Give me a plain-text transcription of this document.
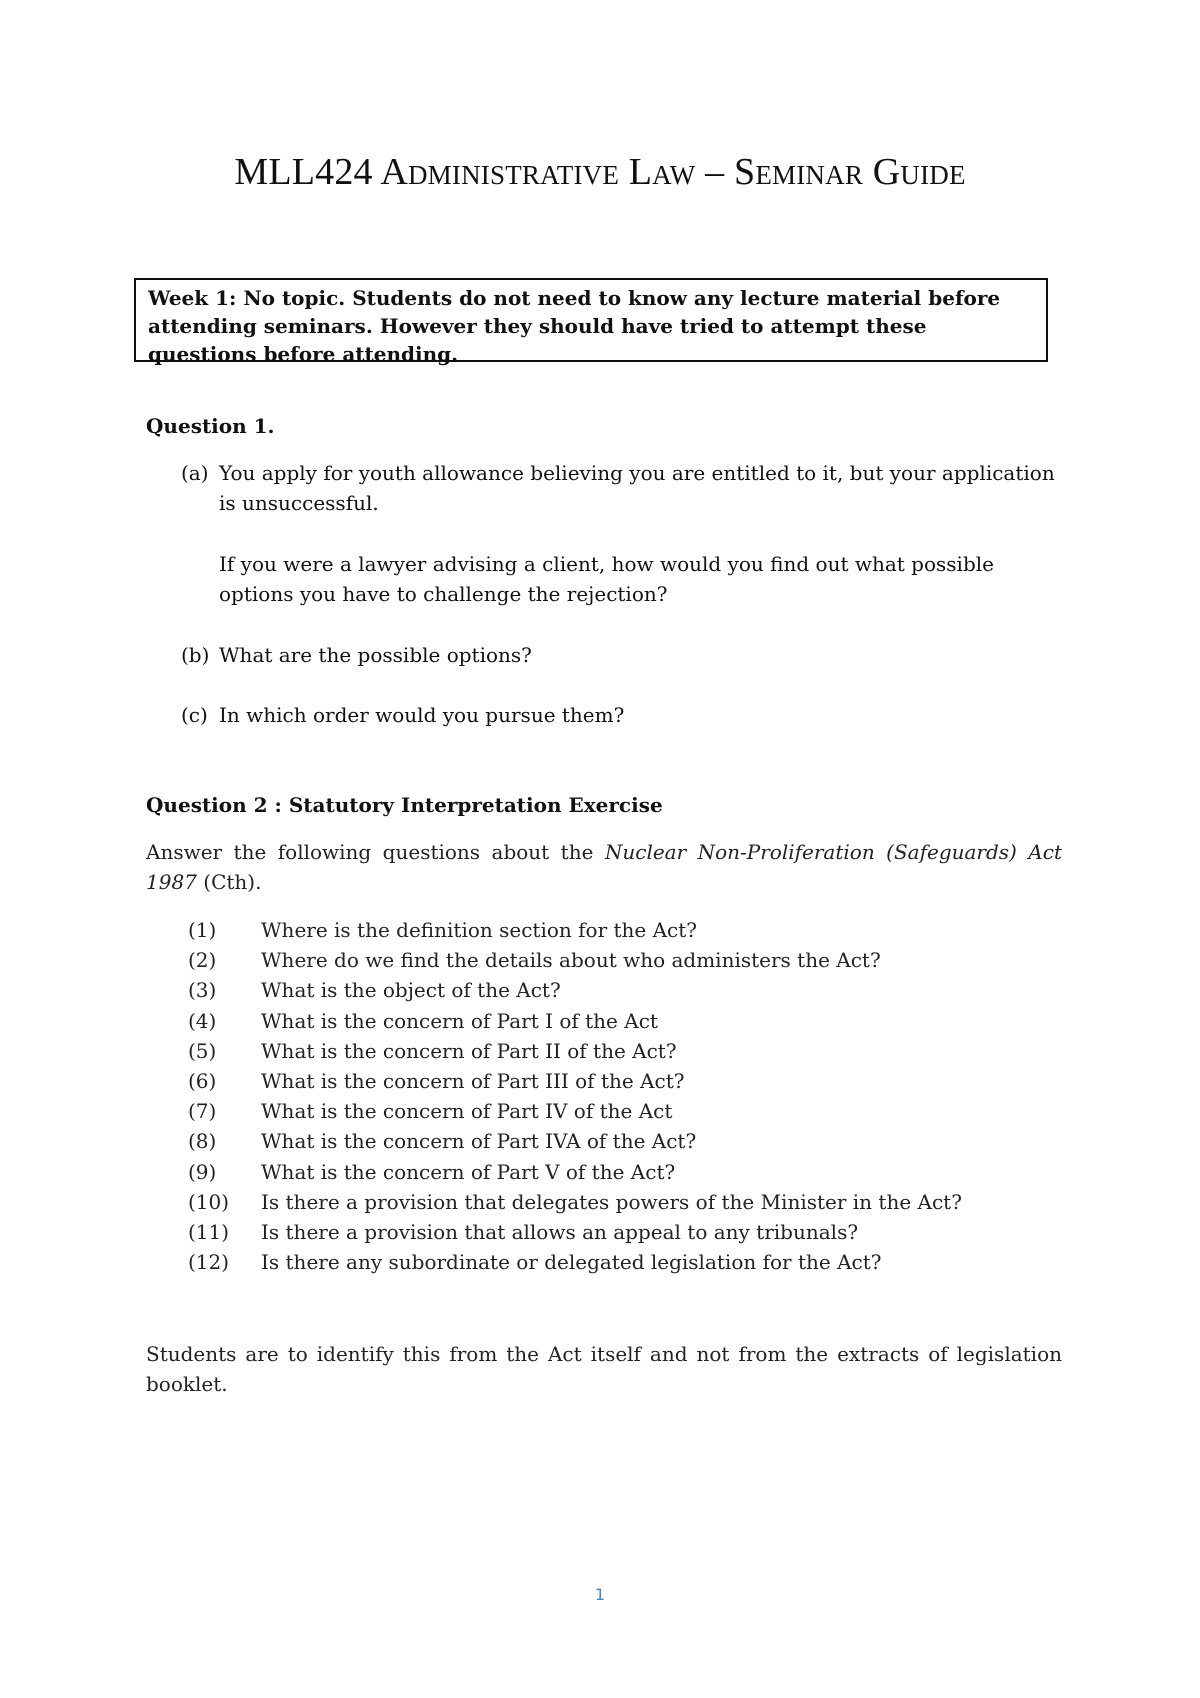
MLL424 Administrative Law – Seminar Guide
Week 1: No topic. Students do not need to know any lecture material before attending seminars. However they should have tried to attempt these questions before attending.
Question 1.
(a) You apply for youth allowance believing you are entitled to it, but your application is unsuccessful.
If you were a lawyer advising a client, how would you find out what possible options you have to challenge the rejection?
(b) What are the possible options?
(c) In which order would you pursue them?
Question 2 : Statutory Interpretation Exercise
Answer the following questions about the Nuclear Non-Proliferation (Safeguards) Act 1987 (Cth).
(1)	Where is the definition section for the Act?
(2)	Where do we find the details about who administers the Act?
(3)	What is the object of the Act?
(4)	What is the concern of Part I of the Act
(5)	What is the concern of Part II of the Act?
(6)	What is the concern of Part III of the Act?
(7)	What is the concern of Part IV of the Act
(8)	What is the concern of Part IVA of the Act?
(9)	What is the concern of Part V of the Act?
(10)	Is there a provision that delegates powers of the Minister in the Act?
(11)	Is there a provision that allows an appeal to any tribunals?
(12)	Is there any subordinate or delegated legislation for the Act?
Students are to identify this from the Act itself and not from the extracts of legislation booklet.
1
